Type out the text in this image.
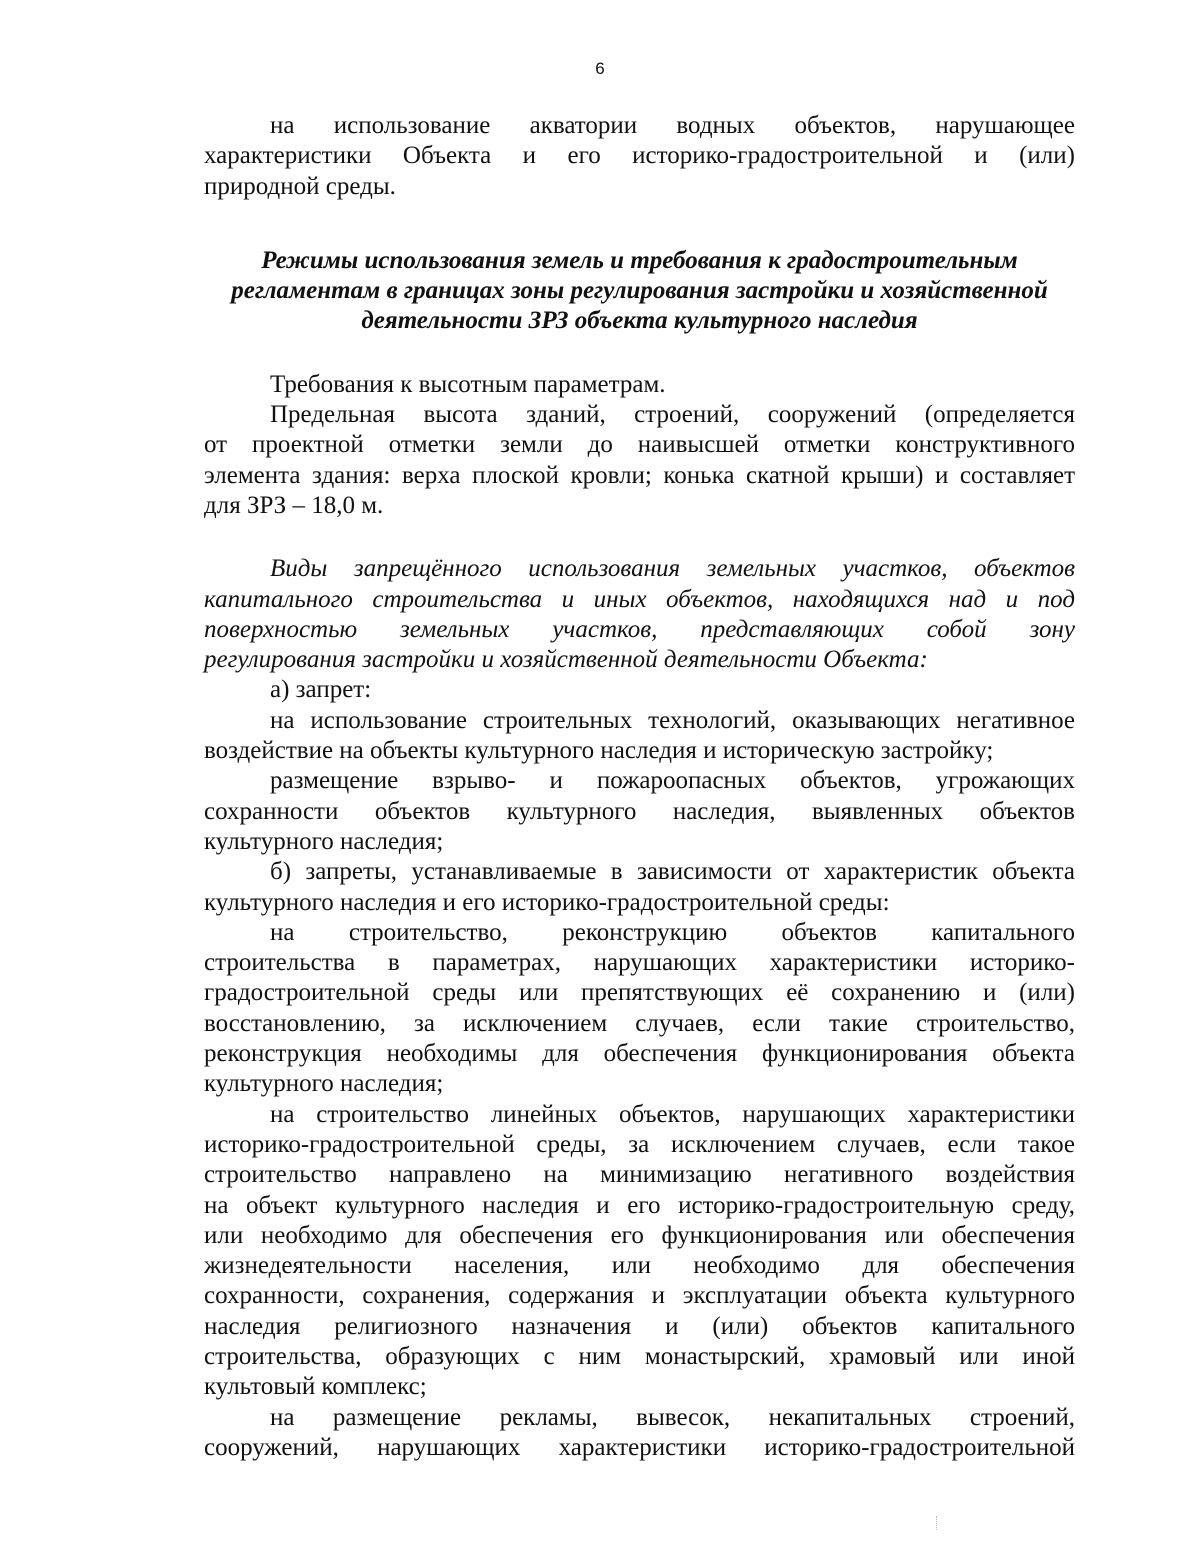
6
на использование акватории водных объектов, нарушающее
характеристики Объекта и его историко-градостроительной и (или)
природной среды.
Режимы использования земель и требования к градостроительным
регламентам в границах зоны регулирования застройки и хозяйственной
деятельности ЗРЗ объекта культурного наследия
Требования к высотным параметрам.
Предельная высота зданий, строений, сооружений (определяется
от проектной отметки земли до наивысшей отметки конструктивного
элемента здания: верха плоской кровли; конька скатной крыши) и составляет
для ЗРЗ – 18,0 м.
Виды запрещённого использования земельных участков, объектов
капитального строительства и иных объектов, находящихся над и под
поверхностью земельных участков, представляющих собой зону
регулирования застройки и хозяйственной деятельности Объекта:
а) запрет:
на использование строительных технологий, оказывающих негативное
воздействие на объекты культурного наследия и историческую застройку;
размещение взрыво- и пожароопасных объектов, угрожающих
сохранности объектов культурного наследия, выявленных объектов
культурного наследия;
б) запреты, устанавливаемые в зависимости от характеристик объекта
культурного наследия и его историко-градостроительной среды:
на строительство, реконструкцию объектов капитального
строительства в параметрах, нарушающих характеристики историко-
градостроительной среды или препятствующих её сохранению и (или)
восстановлению, за исключением случаев, если такие строительство,
реконструкция необходимы для обеспечения функционирования объекта
культурного наследия;
на строительство линейных объектов, нарушающих характеристики
историко-градостроительной среды, за исключением случаев, если такое
строительство направлено на минимизацию негативного воздействия
на объект культурного наследия и его историко-градостроительную среду,
или необходимо для обеспечения его функционирования или обеспечения
жизнедеятельности населения, или необходимо для обеспечения
сохранности, сохранения, содержания и эксплуатации объекта культурного
наследия религиозного назначения и (или) объектов капитального
строительства, образующих с ним монастырский, храмовый или иной
культовый комплекс;
на размещение рекламы, вывесок, некапитальных строений,
сооружений, нарушающих характеристики историко-градостроительной
